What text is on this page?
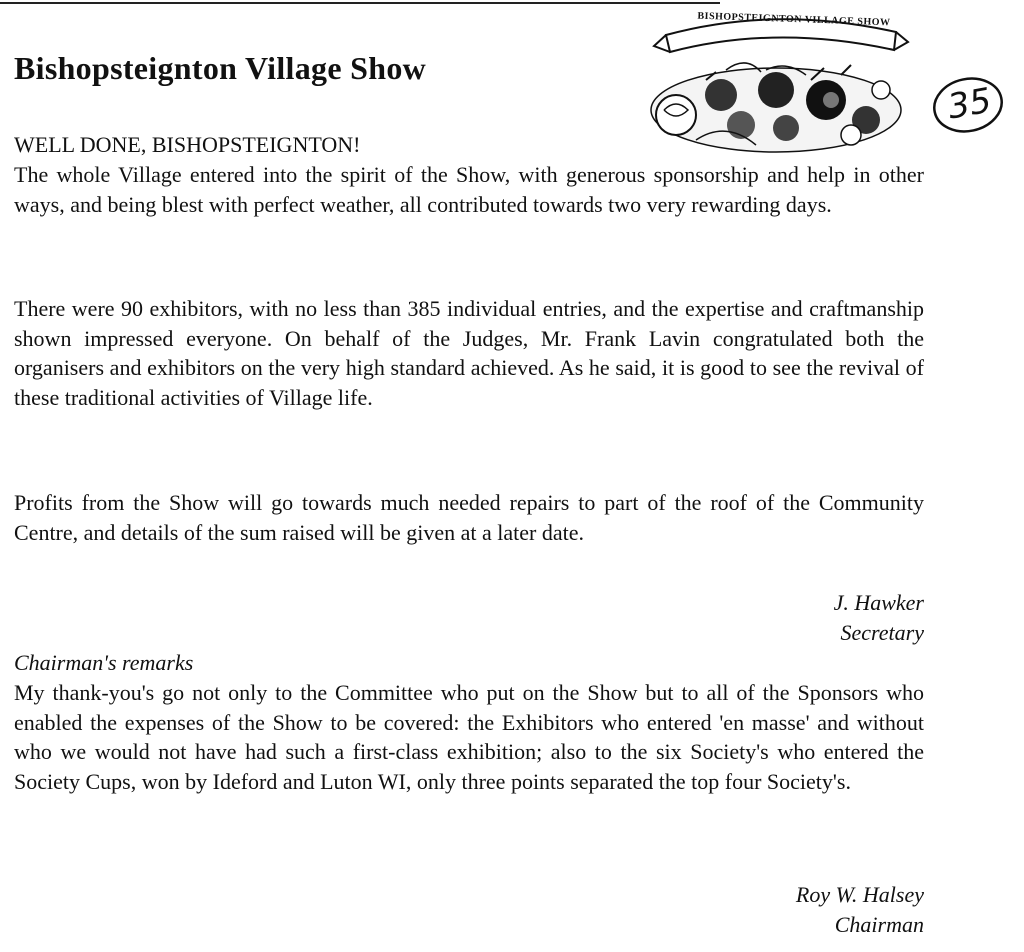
Bishopsteignton Village Show
BISHOPSTEIGNTON VILLAGE SHOW
35

WELL DONE, BISHOPSTEIGNTON!

The whole Village entered into the spirit of the Show, with generous sponsorship and help in other ways, and being blest with perfect weather, all contributed towards two very rewarding days.

There were 90 exhibitors, with no less than 385 individual entries, and the expertise and craftmanship shown impressed everyone. On behalf of the Judges, Mr. Frank Lavin congratulated both the organisers and exhibitors on the very high standard achieved. As he said, it is good to see the revival of these traditional activities of Village life.

Profits from the Show will go towards much needed repairs to part of the roof of the Community Centre, and details of the sum raised will be given at a later date.

J. Hawker
Secretary

Chairman's remarks

My thank-you's go not only to the Committee who put on the Show but to all of the Sponsors who enabled the expenses of the Show to be covered: the Exhibitors who entered 'en masse' and without who we would not have had such a first-class exhibition; also to the six Society's who entered the Society Cups, won by Ideford and Luton WI, only three points separated the top four Society's.

Roy W. Halsey
Chairman
